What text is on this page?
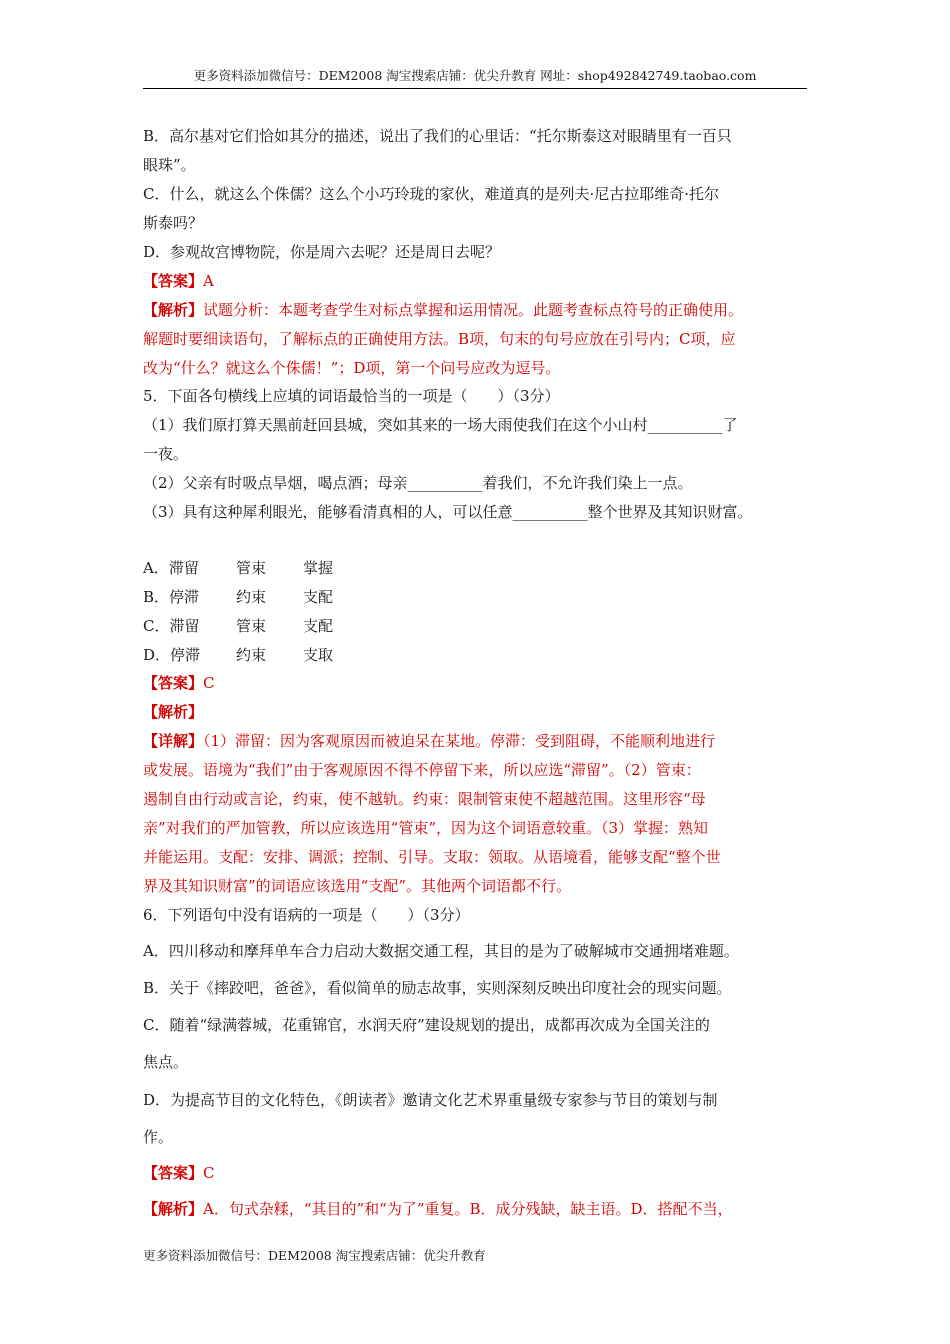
更多资料添加微信号：DEM2008 淘宝搜索店铺：优尖升教育 网址：shop492842749.taobao.com
B．高尔基对它们恰如其分的描述，说出了我们的心里话：“托尔斯泰这对眼睛里有一百只
眼珠”。
C．什么，就这么个侏儒？这么个小巧玲珑的家伙，难道真的是列夫·尼古拉耶维奇·托尔
斯泰吗？
D．参观故宫博物院，你是周六去呢？还是周日去呢？
【答案】A
【解析】试题分析：本题考查学生对标点掌握和运用情况。此题考查标点符号的正确使用。
解题时要细读语句，了解标点的正确使用方法。B项，句末的句号应放在引号内；C项，应
改为“什么？就这么个侏儒！”；D项，第一个问号应改为逗号。
5．下面各句横线上应填的词语最恰当的一项是（　　）（3分）
（1）我们原打算天黑前赶回县城，突如其来的一场大雨使我们在这个小山村__________了
一夜。
（2）父亲有时吸点旱烟，喝点酒；母亲__________着我们，不允许我们染上一点。
（3）具有这种犀利眼光，能够看清真相的人，可以任意__________整个世界及其知识财富。
A．滞留 管束 掌握
B．停滞 约束 支配
C．滞留 管束 支配
D．停滞 约束 支取
【答案】C
【解析】
【详解】（1）滞留：因为客观原因而被迫呆在某地。停滞：受到阻碍，不能顺利地进行
或发展。语境为“我们”由于客观原因不得不停留下来，所以应选“滞留”。（2）管束：
遏制自由行动或言论，约束，使不越轨。约束：限制管束使不超越范围。这里形容“母
亲”对我们的严加管教，所以应该选用“管束”，因为这个词语意较重。（3）掌握：熟知
并能运用。支配：安排、调派；控制、引导。支取：领取。从语境看，能够支配“整个世
界及其知识财富”的词语应该选用“支配”。其他两个词语都不行。
6．下列语句中没有语病的一项是（　　）（3分）
A．四川移动和摩拜单车合力启动大数据交通工程，其目的是为了破解城市交通拥堵难题。
B．关于《摔跤吧，爸爸》，看似简单的励志故事，实则深刻反映出印度社会的现实问题。
C．随着“绿满蓉城，花重锦官，水润天府”建设规划的提出，成都再次成为全国关注的
焦点。
D．为提高节目的文化特色，《朗读者》邀请文化艺术界重量级专家参与节目的策划与制
作。
【答案】C
【解析】A．句式杂糅，“其目的”和“为了”重复。B．成分残缺，缺主语。D．搭配不当，
更多资料添加微信号：DEM2008 淘宝搜索店铺：优尖升教育
